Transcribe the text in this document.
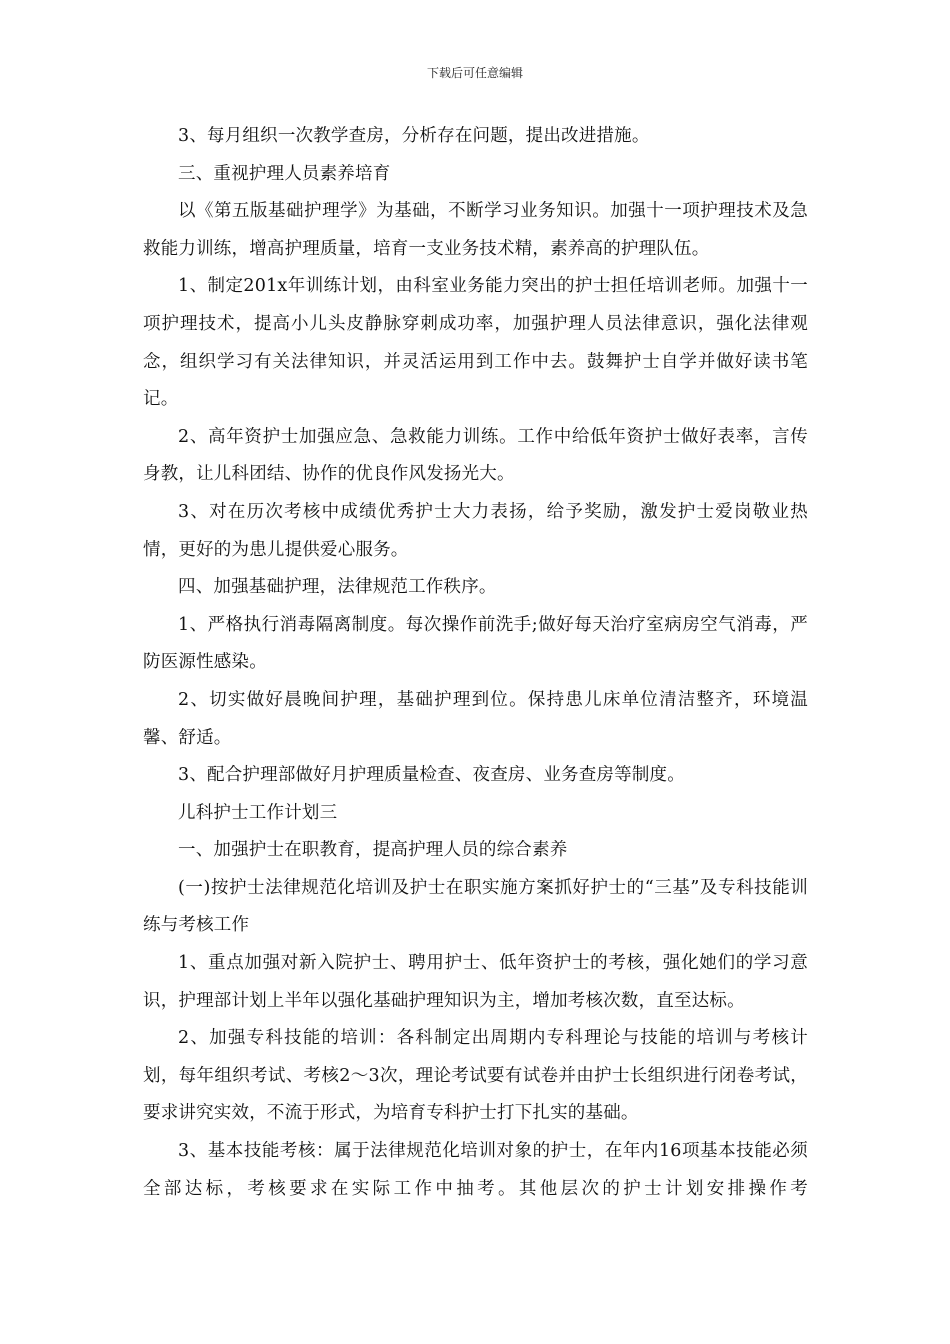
下载后可任意编辑

3、每月组织一次教学查房，分析存在问题，提出改进措施。

三、重视护理人员素养培育

以《第五版基础护理学》为基础，不断学习业务知识。加强十一项护理技术及急救能力训练，增高护理质量，培育一支业务技术精，素养高的护理队伍。

1、制定201x年训练计划，由科室业务能力突出的护士担任培训老师。加强十一项护理技术，提高小儿头皮静脉穿刺成功率，加强护理人员法律意识，强化法律观念，组织学习有关法律知识，并灵活运用到工作中去。鼓舞护士自学并做好读书笔记。

2、高年资护士加强应急、急救能力训练。工作中给低年资护士做好表率，言传身教，让儿科团结、协作的优良作风发扬光大。

3、对在历次考核中成绩优秀护士大力表扬，给予奖励，激发护士爱岗敬业热情，更好的为患儿提供爱心服务。

四、加强基础护理，法律规范工作秩序。

1、严格执行消毒隔离制度。每次操作前洗手;做好每天治疗室病房空气消毒，严防医源性感染。

2、切实做好晨晚间护理，基础护理到位。保持患儿床单位清洁整齐，环境温馨、舒适。

3、配合护理部做好月护理质量检查、夜查房、业务查房等制度。

儿科护士工作计划三

一、加强护士在职教育，提高护理人员的综合素养

(一)按护士法律规范化培训及护士在职实施方案抓好护士的“三基”及专科技能训练与考核工作

1、重点加强对新入院护士、聘用护士、低年资护士的考核，强化她们的学习意识，护理部计划上半年以强化基础护理知识为主，增加考核次数，直至达标。

2、加强专科技能的培训：各科制定出周期内专科理论与技能的培训与考核计划，每年组织考试、考核2～3次，理论考试要有试卷并由护士长组织进行闭卷考试，要求讲究实效，不流于形式，为培育专科护士打下扎实的基础。

3、基本技能考核：属于法律规范化培训对象的护士，在年内16项基本技能必须全部达标，考核要求在实际工作中抽考。其他层次的护士计划安排操作考
